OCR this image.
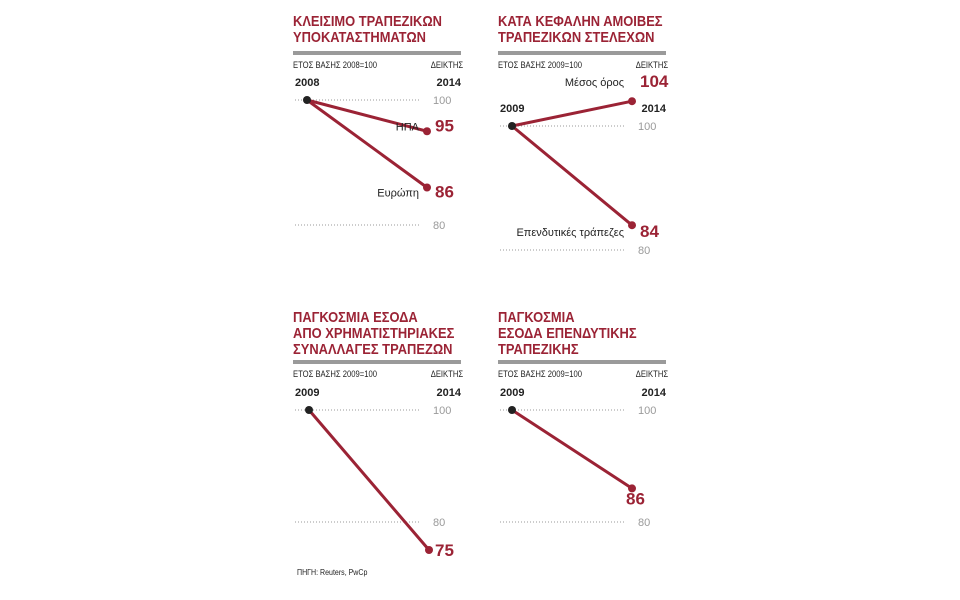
ΚΛΕΙΣΙΜΟ ΤΡΑΠΕΖΙΚΩΝ
ΥΠΟΚΑΤΑΣΤΗΜΑΤΩΝ
ΕΤΟΣ ΒΑΣΗΣ 2008=100	ΔΕΙΚΤΗΣ
100
80
2008	2014
95
ΗΠΑ
86
Ευρώπη
ΚΑΤΑ ΚΕΦΑΛΗΝ ΑΜΟΙΒΕΣ
ΤΡΑΠΕΖΙΚΩΝ ΣΤΕΛΕΧΩΝ
ΕΤΟΣ ΒΑΣΗΣ 2009=100	ΔΕΙΚΤΗΣ
100
80
2009	2014
104
Μέσος όρος
84
Επενδυτικές τράπεζες
ΠΑΓΚΟΣΜΙΑ ΕΣΟΔΑ
ΑΠΟ ΧΡΗΜΑΤΙΣΤΗΡΙΑΚΕΣ
ΣΥΝΑΛΛΑΓΕΣ ΤΡΑΠΕΖΩΝ
ΕΤΟΣ ΒΑΣΗΣ 2009=100	ΔΕΙΚΤΗΣ
100
80
2009	2014
75
ΠΑΓΚΟΣΜΙΑ
ΕΣΟΔΑ ΕΠΕΝΔΥΤΙΚΗΣ
ΤΡΑΠΕΖΙΚΗΣ
ΕΤΟΣ ΒΑΣΗΣ 2009=100	ΔΕΙΚΤΗΣ
100
80
2009	2014
86
ΠΗΓΗ: Reuters, PwCp
